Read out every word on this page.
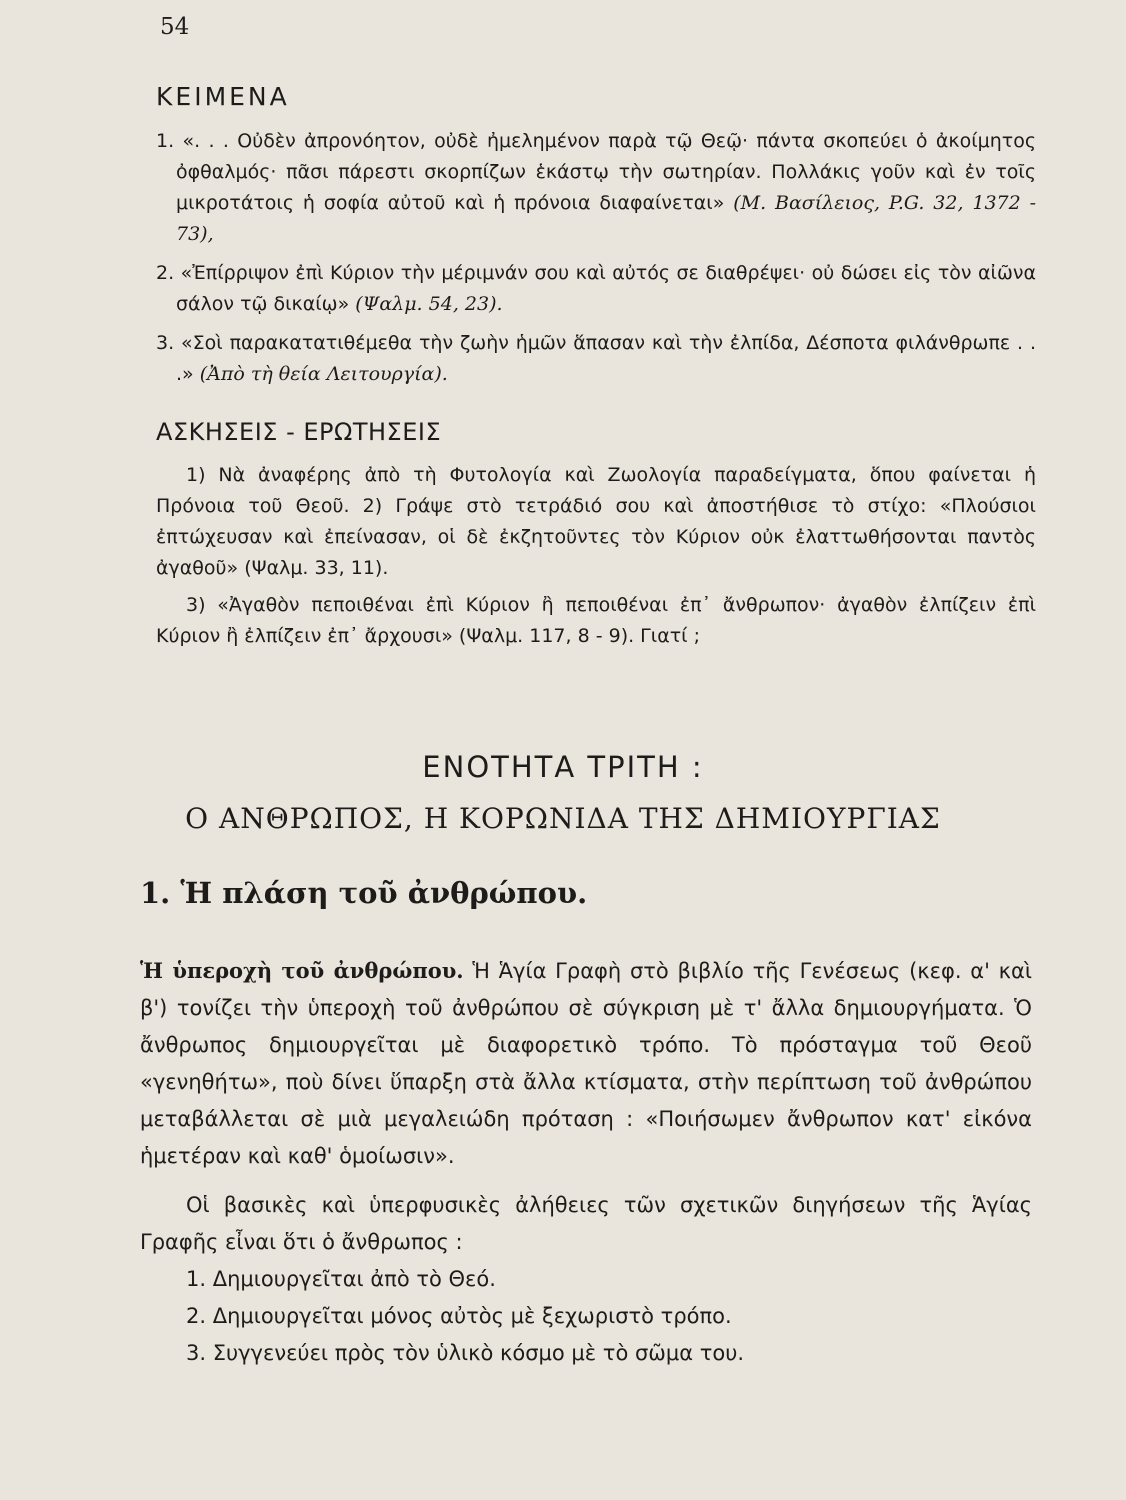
54

ΚΕΙΜΕΝΑ

1. «. . . Οὐδὲν ἀπρονόητον, οὐδὲ ἠμελημένον παρὰ τῷ Θεῷ· πάντα σκοπεύει ὁ ἀκοίμητος ὀφθαλμός· πᾶσι πάρεστι σκορπίζων ἑκάστῳ τὴν σωτηρίαν. Πολλάκις γοῦν καὶ ἐν τοῖς μικροτάτοις ἡ σοφία αὐτοῦ καὶ ἡ πρόνοια διαφαίνεται» (Μ. Βασίλειος, P.G. 32, 1372 - 73),

2. «Ἐπίρριψον ἐπὶ Κύριον τὴν μέριμνάν σου καὶ αὐτός σε διαθρέψει· οὐ δώσει εἰς τὸν αἰῶνα σάλον τῷ δικαίῳ» (Ψαλμ. 54, 23).

3. «Σοὶ παρακατατιθέμεθα τὴν ζωὴν ἡμῶν ἅπασαν καὶ τὴν ἐλπίδα, Δέσποτα φιλάνθρωπε . . .» (Ἀπὸ τὴ θεία Λειτουργία).

ΑΣΚΗΣΕΙΣ - ΕΡΩΤΗΣΕΙΣ

1) Νὰ ἀναφέρης ἀπὸ τὴ Φυτολογία καὶ Ζωολογία παραδείγματα, ὅπου φαίνεται ἡ Πρόνοια τοῦ Θεοῦ. 2) Γράψε στὸ τετράδιό σου καὶ ἀποστήθισε τὸ στίχο: «Πλούσιοι ἐπτώχευσαν καὶ ἐπείνασαν, οἱ δὲ ἐκζητοῦντες τὸν Κύριον οὐκ ἐλαττωθήσονται παντὸς ἀγαθοῦ» (Ψαλμ. 33, 11).

3) «Ἀγαθὸν πεποιθέναι ἐπὶ Κύριον ἢ πεποιθέναι ἐπ᾿ ἄνθρωπον· ἀγαθὸν ἐλπίζειν ἐπὶ Κύριον ἢ ἐλπίζειν ἐπ᾿ ἄρχουσι» (Ψαλμ. 117, 8 - 9). Γιατί ;

ΕΝΟΤΗΤΑ ΤΡΙΤΗ :
Ο ΑΝΘΡΩΠΟΣ, Η ΚΟΡΩΝΙΔΑ ΤΗΣ ΔΗΜΙΟΥΡΓΙΑΣ
1. Ἡ πλάση τοῦ ἀνθρώπου.

Ἡ ὑπεροχὴ τοῦ ἀνθρώπου. Ἡ Ἁγία Γραφὴ στὸ βιβλίο τῆς Γενέσεως (κεφ. α' καὶ β') τονίζει τὴν ὑπεροχὴ τοῦ ἀνθρώπου σὲ σύγκριση μὲ τ' ἄλλα δημιουργήματα. Ὁ ἄνθρωπος δημιουργεῖται μὲ διαφορετικὸ τρόπο. Τὸ πρόσταγμα τοῦ Θεοῦ «γενηθήτω», ποὺ δίνει ὕπαρξη στὰ ἄλλα κτίσματα, στὴν περίπτωση τοῦ ἀνθρώπου μεταβάλλεται σὲ μιὰ μεγαλειώδη πρόταση : «Ποιήσωμεν ἄνθρωπον κατ' εἰκόνα ἡμετέραν καὶ καθ' ὁμοίωσιν».

Οἱ βασικὲς καὶ ὑπερφυσικὲς ἀλήθειες τῶν σχετικῶν διηγήσεων τῆς Ἁγίας Γραφῆς εἶναι ὅτι ὁ ἄνθρωπος :

1. Δημιουργεῖται ἀπὸ τὸ Θεό.
2. Δημιουργεῖται μόνος αὐτὸς μὲ ξεχωριστὸ τρόπο.
3. Συγγενεύει πρὸς τὸν ὑλικὸ κόσμο μὲ τὸ σῶμα του.
